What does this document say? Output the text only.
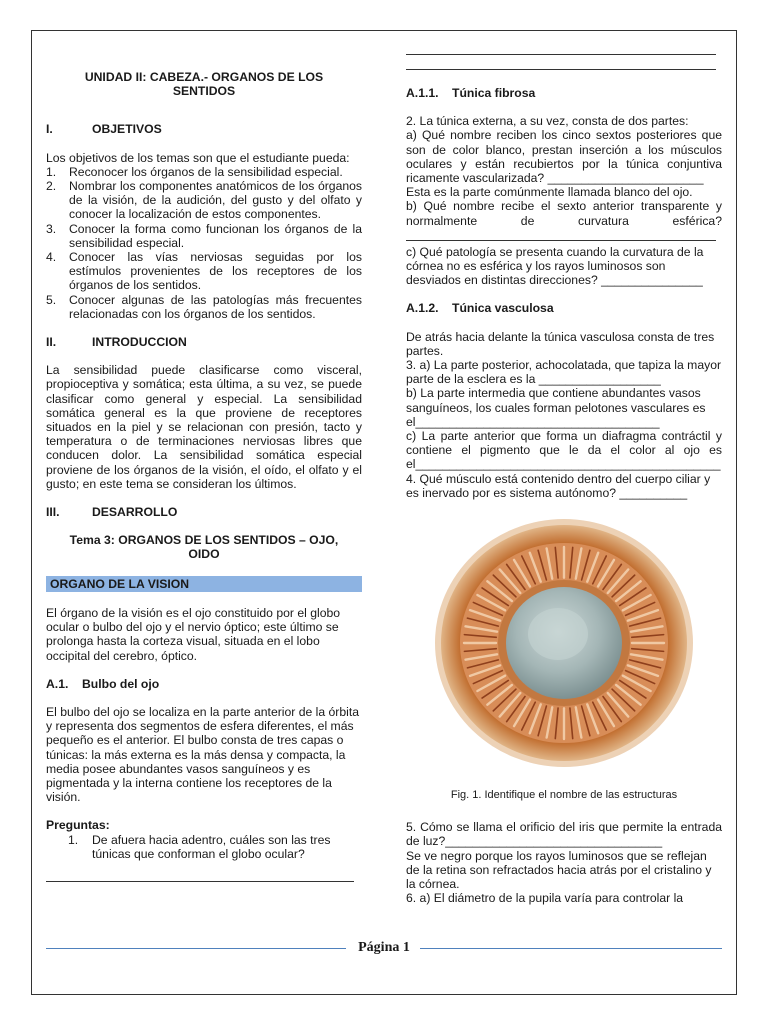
UNIDAD II: CABEZA.- ORGANOS DE LOS SENTIDOS
I.	OBJETIVOS

Los objetivos de los temas son que el estudiante pueda:

1. Reconocer los órganos de la sensibilidad especial.
2. Nombrar los componentes anatómicos de los órganos de la visión, de la audición, del gusto y del olfato y conocer la localización de estos componentes.
3. Conocer la forma como funcionan los órganos de la sensibilidad especial.
4. Conocer las vías nerviosas seguidas por los estímulos provenientes de los receptores de los órganos de los sentidos.
5. Conocer algunas de las patologías más frecuentes relacionadas con los órganos de los sentidos.
II.	INTRODUCCION

La sensibilidad puede clasificarse como visceral, propioceptiva y somática; esta última, a su vez, se puede clasificar como general y especial. La sensibilidad somática general es la que proviene de receptores situados en la piel y se relacionan con presión, tacto y temperatura o de terminaciones nerviosas libres que conducen dolor. La sensibilidad somática especial proviene de los órganos de la visión, el oído, el olfato y el gusto; en este tema se consideran los últimos.

III.	DESARROLLO
Tema 3: ORGANOS DE LOS SENTIDOS – OJO, OIDO
ORGANO DE LA VISION

El órgano de la visión es el ojo constituido por el globo ocular o bulbo del ojo y el nervio óptico; este último se prolonga hasta la corteza visual, situada en el lobo occipital del cerebro, óptico.

A.1. Bulbo del ojo

El bulbo del ojo se localiza en la parte anterior de la órbita y representa dos segmentos de esfera diferentes, el más pequeño es el anterior. El bulbo consta de tres capas o túnicas: la más externa es la más densa y compacta, la media posee abundantes vasos sanguíneos y es pigmentada y la interna contiene los receptores de la visión.

Preguntas:
1. De afuera hacia adentro, cuáles son las tres túnicas que conforman el globo ocular?
A.1.1. Túnica fibrosa
2. La túnica externa, a su vez, consta de dos partes:
a) Qué nombre reciben los cinco sextos posteriores que son de color blanco, prestan inserción a los músculos oculares y están recubiertos por la túnica conjuntiva ricamente vascularizada? _______________________
Esta es la parte comúnmente llamada blanco del ojo.
b) Qué nombre recibe el sexto anterior transparente y normalmente de curvatura esférica?
c) Qué patología se presenta cuando la curvatura de la córnea no es esférica y los rayos luminosos son desviados en distintas direcciones? _______________
A.1.2. Túnica vasculosa
De atrás hacia delante la túnica vasculosa consta de tres partes.
3. a) La parte posterior, achocolatada, que tapiza la mayor parte de la esclera es la __________________
b) La parte intermedia que contiene abundantes vasos sanguíneos, los cuales forman pelotones vasculares es el____________________________________
c) La parte anterior que forma un diafragma contráctil y contiene el pigmento que le da el color al ojo es el_____________________________________________
4. Qué músculo está contenido dentro del cuerpo ciliar y es inervado por es sistema autónomo? __________
Fig. 1. Identifique el nombre de las estructuras
5. Cómo se llama el orificio del iris que permite la entrada de luz?________________________________
Se ve negro porque los rayos luminosos que se reflejan de la retina son refractados hacia atrás por el cristalino y la córnea.
6. a) El diámetro de la pupila varía para controlar la
Página 1
